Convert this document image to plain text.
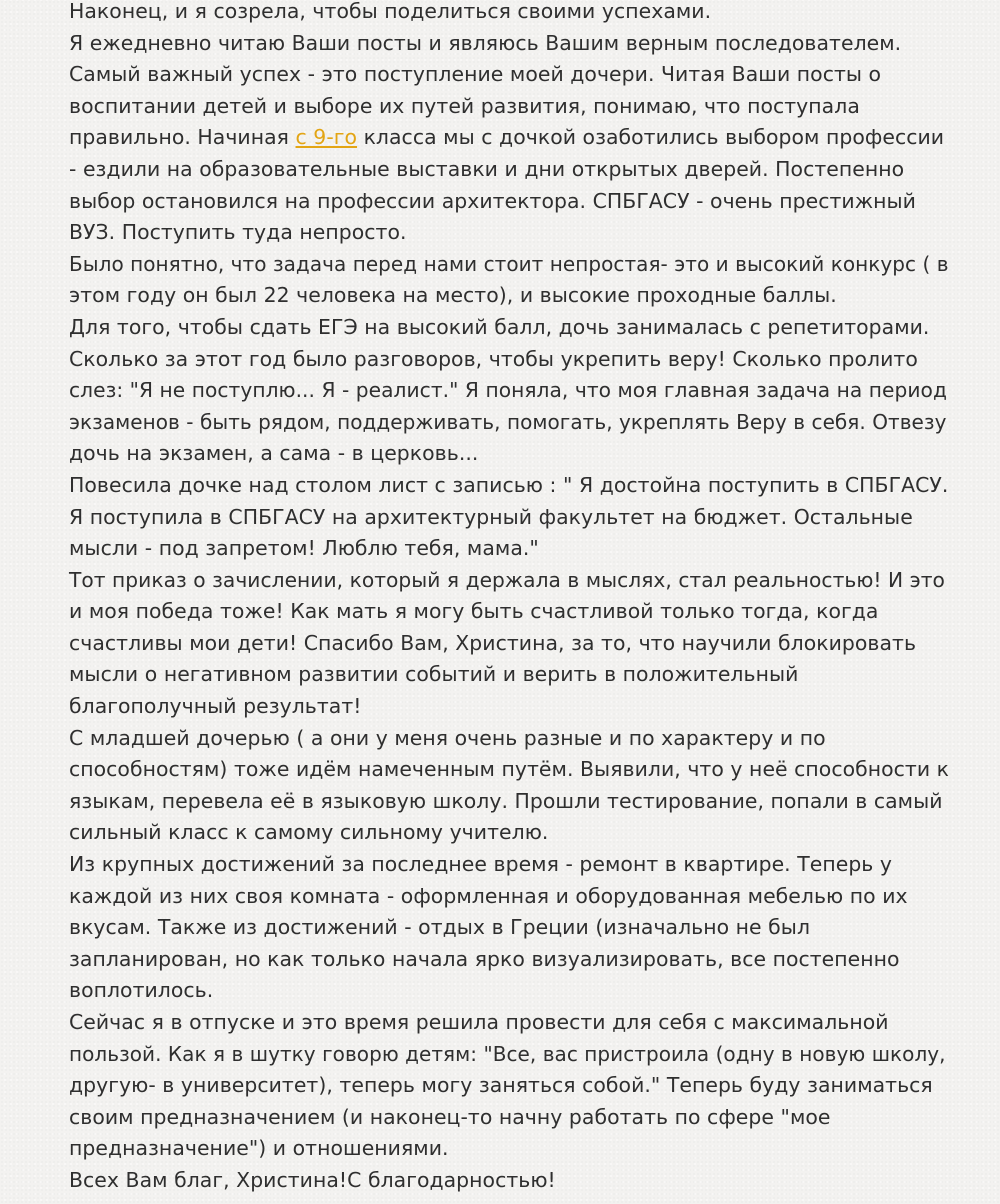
Наконец, и я созрела, чтобы поделиться своими успехами.
Я ежедневно читаю Ваши посты и являюсь Вашим верным последователем.
Самый важный успех - это поступление моей дочери. Читая Ваши посты о
воспитании детей и выборе их путей развития, понимаю, что поступала
правильно. Начиная с 9-го класса мы с дочкой озаботились выбором профессии
- ездили на образовательные выставки и дни открытых дверей. Постепенно
выбор остановился на профессии архитектора. СПБГАСУ - очень престижный
ВУЗ. Поступить туда непросто.
Было понятно, что задача перед нами стоит непростая- это и высокий конкурс ( в
этом году он был 22 человека на место), и высокие проходные баллы.
Для того, чтобы сдать ЕГЭ на высокий балл, дочь занималась с репетиторами.
Сколько за этот год было разговоров, чтобы укрепить веру! Сколько пролито
слез: "Я не поступлю... Я - реалист." Я поняла, что моя главная задача на период
экзаменов - быть рядом, поддерживать, помогать, укреплять Веру в себя. Отвезу
дочь на экзамен, а сама - в церковь...
Повесила дочке над столом лист с записью : " Я достойна поступить в СПБГАСУ.
Я поступила в СПБГАСУ на архитектурный факультет на бюджет. Остальные
мысли - под запретом! Люблю тебя, мама."
Тот приказ о зачислении, который я держала в мыслях, стал реальностью! И это
и моя победа тоже! Как мать я могу быть счастливой только тогда, когда
счастливы мои дети! Спасибо Вам, Христина, за то, что научили блокировать
мысли о негативном развитии событий и верить в положительный
благополучный результат!
С младшей дочерью ( а они у меня очень разные и по характеру и по
способностям) тоже идём намеченным путём. Выявили, что у неё способности к
языкам, перевела её в языковую школу. Прошли тестирование, попали в самый
сильный класс к самому сильному учителю.
Из крупных достижений за последнее время - ремонт в квартире. Теперь у
каждой из них своя комната - оформленная и оборудованная мебелью по их
вкусам. Также из достижений - отдых в Греции (изначально не был
запланирован, но как только начала ярко визуализировать, все постепенно
воплотилось.
Сейчас я в отпуске и это время решила провести для себя с максимальной
пользой. Как я в шутку говорю детям: "Все, вас пристроила (одну в новую школу,
другую- в университет), теперь могу заняться собой." Теперь буду заниматься
своим предназначением (и наконец-то начну работать по сфере "мое
предназначение") и отношениями.
Всех Вам благ, Христина!С благодарностью!
